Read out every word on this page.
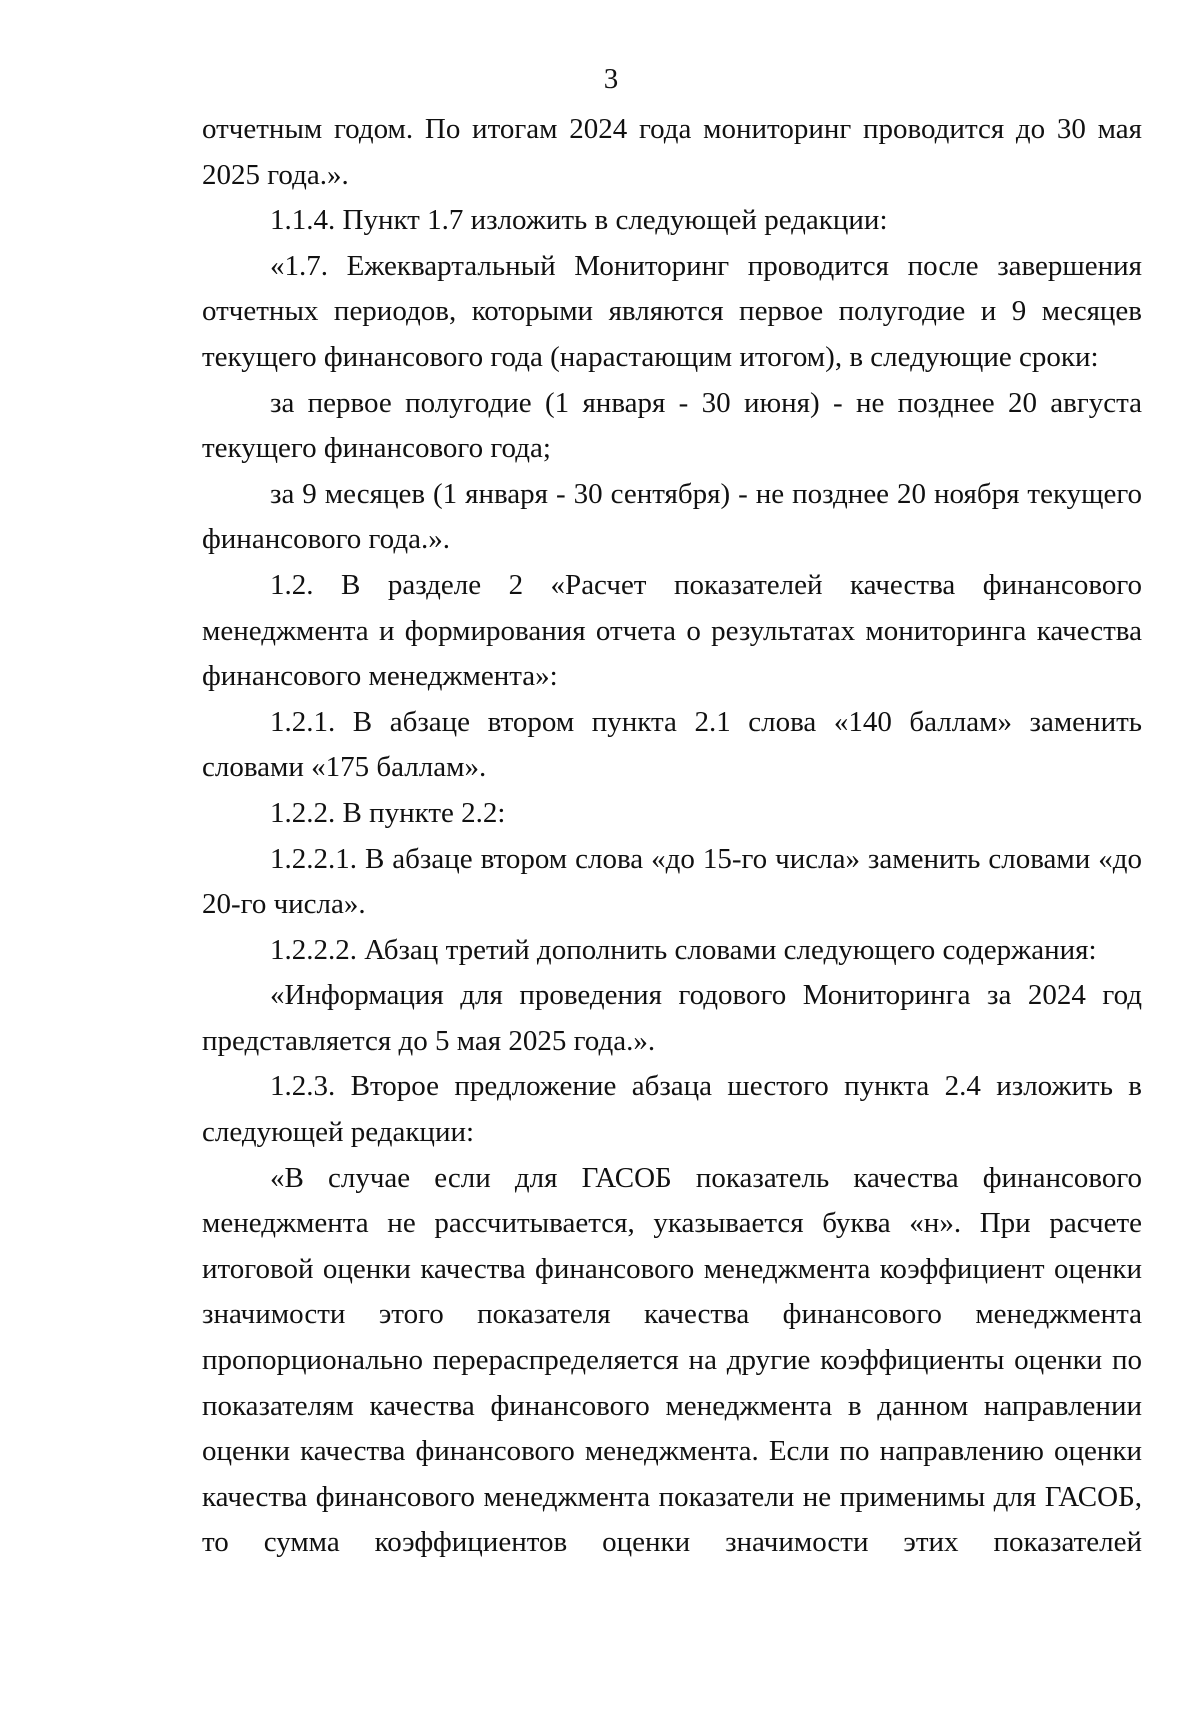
3

отчетным годом. По итогам 2024 года мониторинг проводится до 30 мая 2025 года.».

1.1.4. Пункт 1.7 изложить в следующей редакции:

«1.7. Ежеквартальный Мониторинг проводится после завершения отчетных периодов, которыми являются первое полугодие и 9 месяцев текущего финансового года (нарастающим итогом), в следующие сроки:

за первое полугодие (1 января - 30 июня) - не позднее 20 августа текущего финансового года;

за 9 месяцев (1 января - 30 сентября) - не позднее 20 ноября текущего финансового года.».

1.2. В разделе 2 «Расчет показателей качества финансового менеджмента и формирования отчета о результатах мониторинга качества финансового менеджмента»:

1.2.1. В абзаце втором пункта 2.1 слова «140 баллам» заменить словами «175 баллам».

1.2.2. В пункте 2.2:

1.2.2.1. В абзаце втором слова «до 15-го числа» заменить словами «до 20-го числа».

1.2.2.2. Абзац третий дополнить словами следующего содержания:

«Информация для проведения годового Мониторинга за 2024 год представляется до 5 мая 2025 года.».

1.2.3. Второе предложение абзаца шестого пункта 2.4 изложить в следующей редакции:

«В случае если для ГАСОБ показатель качества финансового менеджмента не рассчитывается, указывается буква «н». При расчете итоговой оценки качества финансового менеджмента коэффициент оценки значимости этого показателя качества финансового менеджмента пропорционально перераспределяется на другие коэффициенты оценки по показателям качества финансового менеджмента в данном направлении оценки качества финансового менеджмента. Если по направлению оценки качества финансового менеджмента показатели не применимы для ГАСОБ, то сумма коэффициентов оценки значимости этих показателей
